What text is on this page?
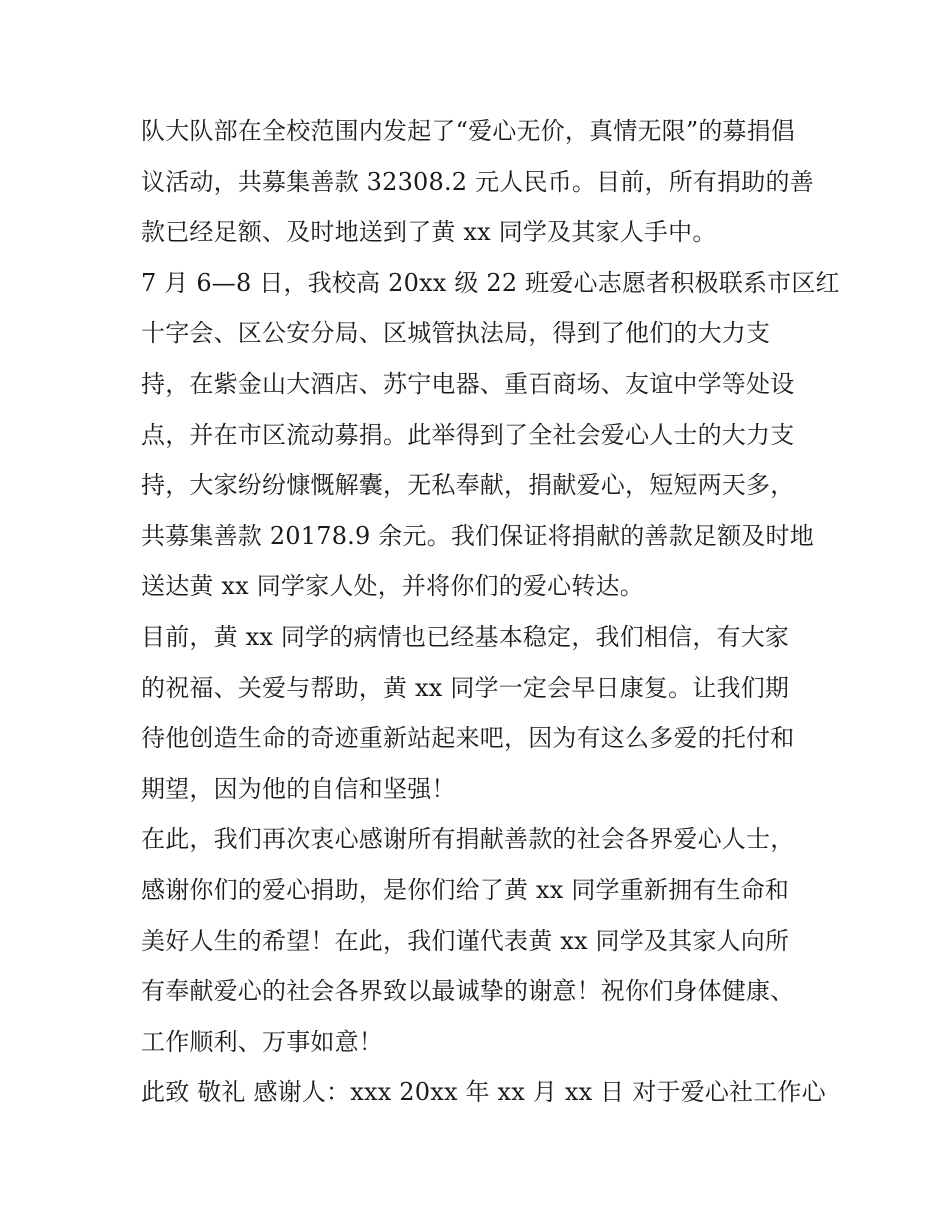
队大队部在全校范围内发起了“爱心无价，真情无限”的募捐倡
议活动，共募集善款 32308.2 元人民币。目前，所有捐助的善
款已经足额、及时地送到了黄 xx 同学及其家人手中。
7 月 6—8 日，我校高 20xx 级 22 班爱心志愿者积极联系市区红
十字会、区公安分局、区城管执法局，得到了他们的大力支
持，在紫金山大酒店、苏宁电器、重百商场、友谊中学等处设
点，并在市区流动募捐。此举得到了全社会爱心人士的大力支
持，大家纷纷慷慨解囊，无私奉献，捐献爱心，短短两天多，
共募集善款 20178.9 余元。我们保证将捐献的善款足额及时地
送达黄 xx 同学家人处，并将你们的爱心转达。
目前，黄 xx 同学的病情也已经基本稳定，我们相信，有大家
的祝福、关爱与帮助，黄 xx 同学一定会早日康复。让我们期
待他创造生命的奇迹重新站起来吧，因为有这么多爱的托付和
期望，因为他的自信和坚强！
在此，我们再次衷心感谢所有捐献善款的社会各界爱心人士，
感谢你们的爱心捐助，是你们给了黄 xx 同学重新拥有生命和
美好人生的希望！在此，我们谨代表黄 xx 同学及其家人向所
有奉献爱心的社会各界致以最诚挚的谢意！祝你们身体健康、
工作顺利、万事如意！
此致 敬礼 感谢人：xxx 20xx 年 xx 月 xx 日 对于爱心社工作心
